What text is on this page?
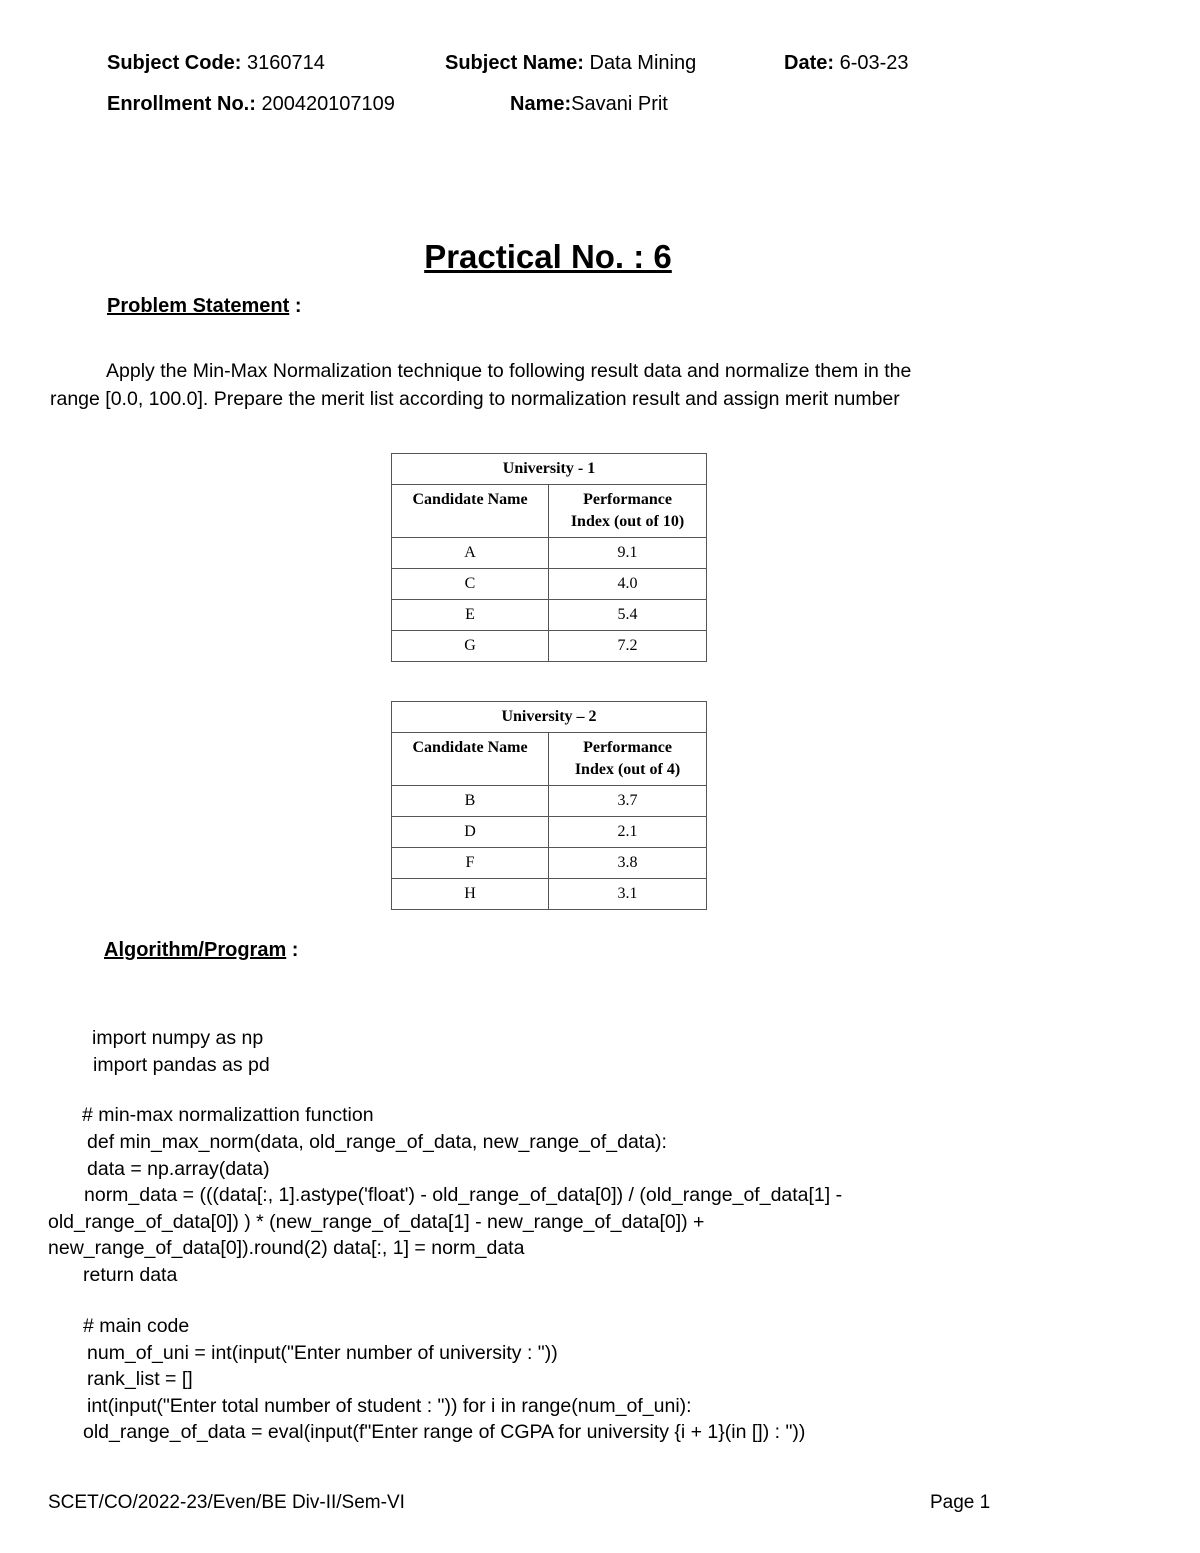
Subject Code: 3160714	Subject Name: Data Mining	Date: 6-03-23
Enrollment No.: 200420107109	Name:Savani Prit
Practical No. : 6
Problem Statement :
Apply the Min-Max Normalization technique to following result data and normalize them in the
range [0.0, 100.0]. Prepare the merit list according to normalization result and assign merit number
University - 1	
Candidate Name	Performance
Index (out of 10)
A	9.1
C	4.0
E	5.4
G	7.2
University – 2	
Candidate Name	Performance
Index (out of 4)
B	3.7
D	2.1
F	3.8
H	3.1
Algorithm/Program :
import numpy as np
import pandas as pd
# min-max normalizattion function
def min_max_norm(data, old_range_of_data, new_range_of_data):
data = np.array(data)
norm_data = (((data[:, 1].astype('float') - old_range_of_data[0]) / (old_range_of_data[1] -
old_range_of_data[0]) ) * (new_range_of_data[1] - new_range_of_data[0]) +
new_range_of_data[0]).round(2) data[:, 1] = norm_data
return data
# main code
num_of_uni = int(input("Enter number of university : "))
rank_list = []
int(input("Enter total number of student : ")) for i in range(num_of_uni):
old_range_of_data = eval(input(f"Enter range of CGPA for university {i + 1}(in []) : "))
SCET/CO/2022-23/Even/BE Div-II/Sem-VI	Page 1
